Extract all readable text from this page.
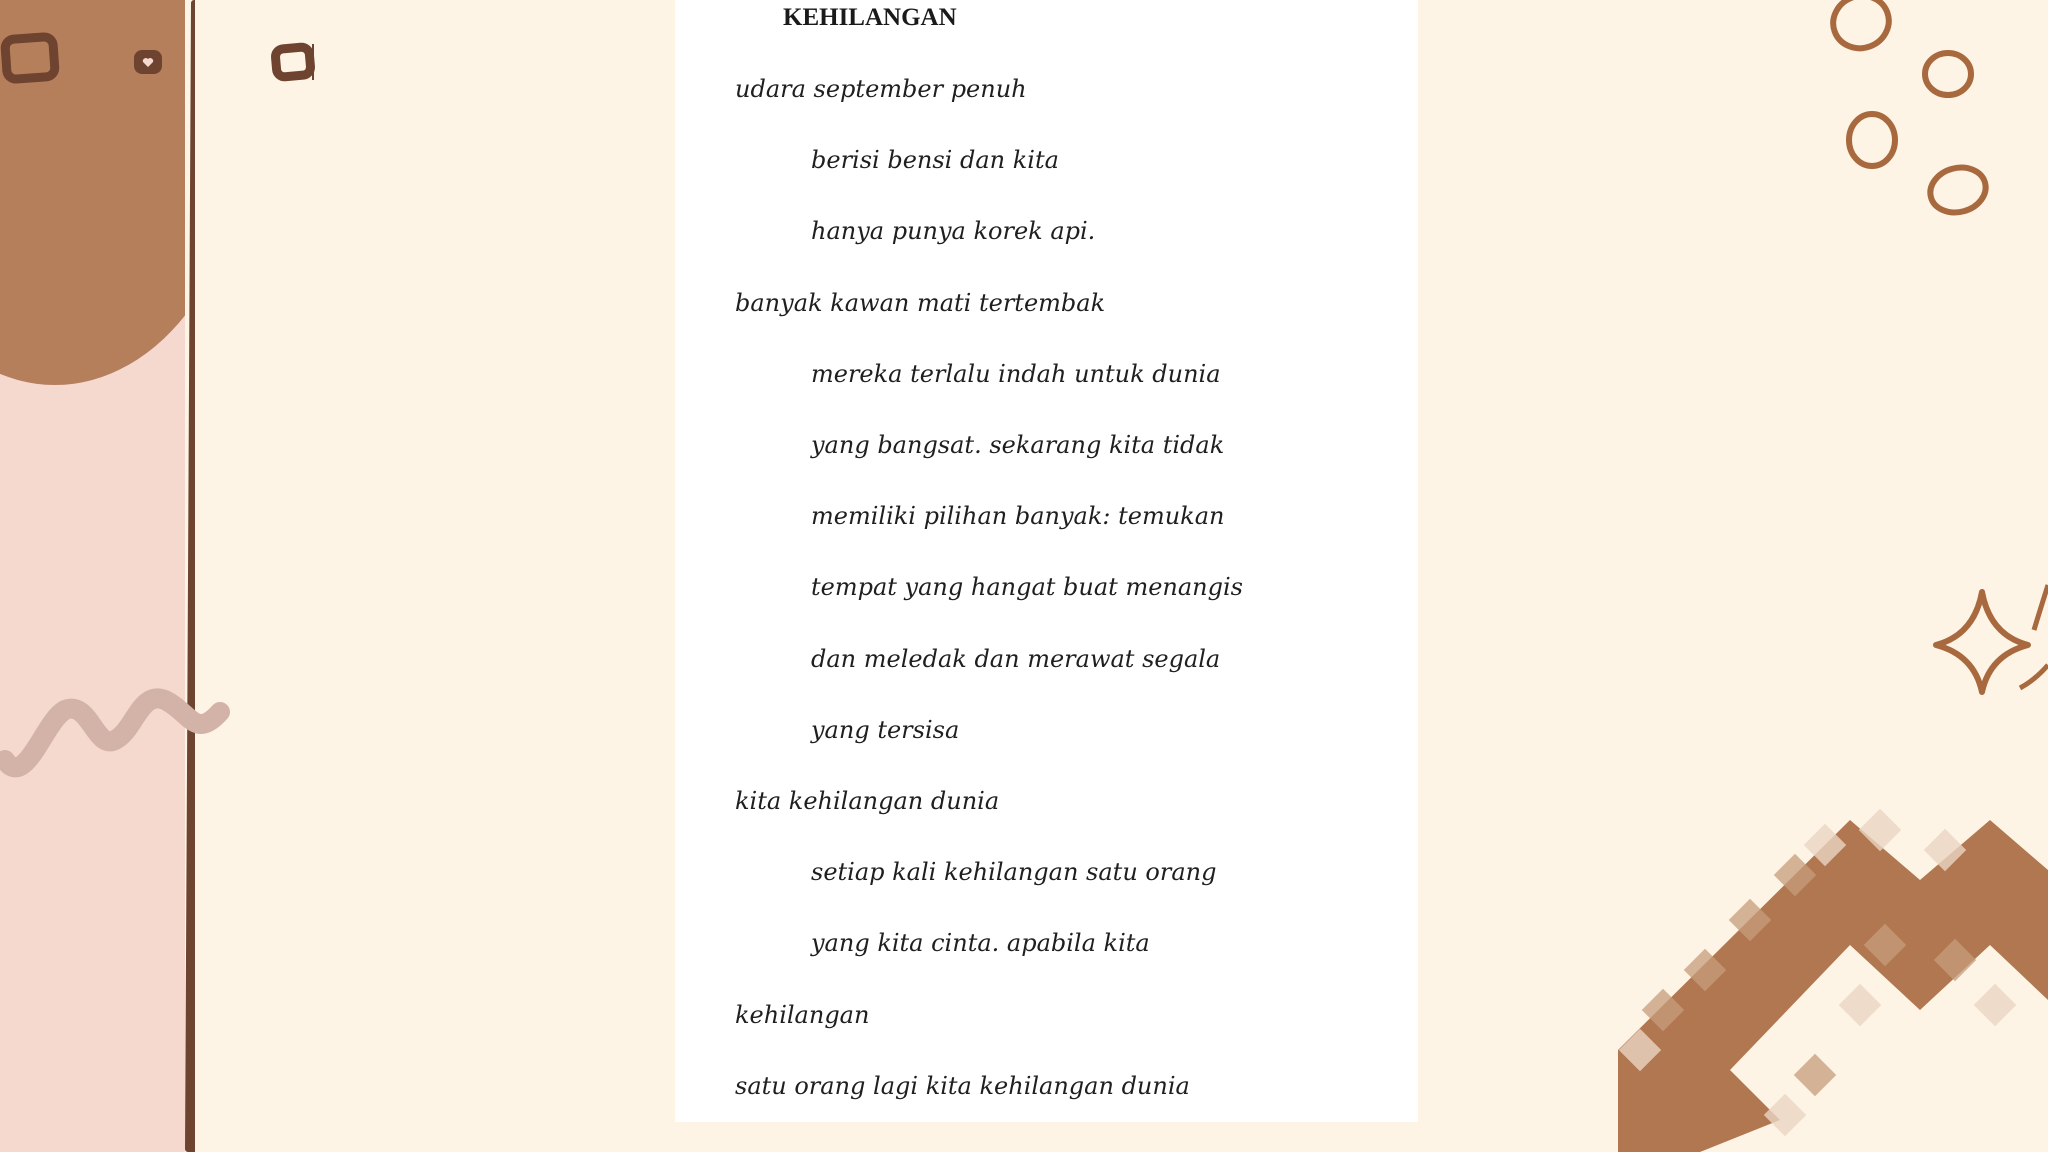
KEHILANGAN

udara september penuh

berisi bensi dan kita

hanya punya korek api.

banyak kawan mati tertembak

mereka terlalu indah untuk dunia

yang bangsat. sekarang kita tidak

memiliki pilihan banyak: temukan

tempat yang hangat buat menangis

dan meledak dan merawat segala

yang tersisa

kita kehilangan dunia

setiap kali kehilangan satu orang

yang kita cinta. apabila kita

kehilangan

satu orang lagi kita kehilangan dunia
